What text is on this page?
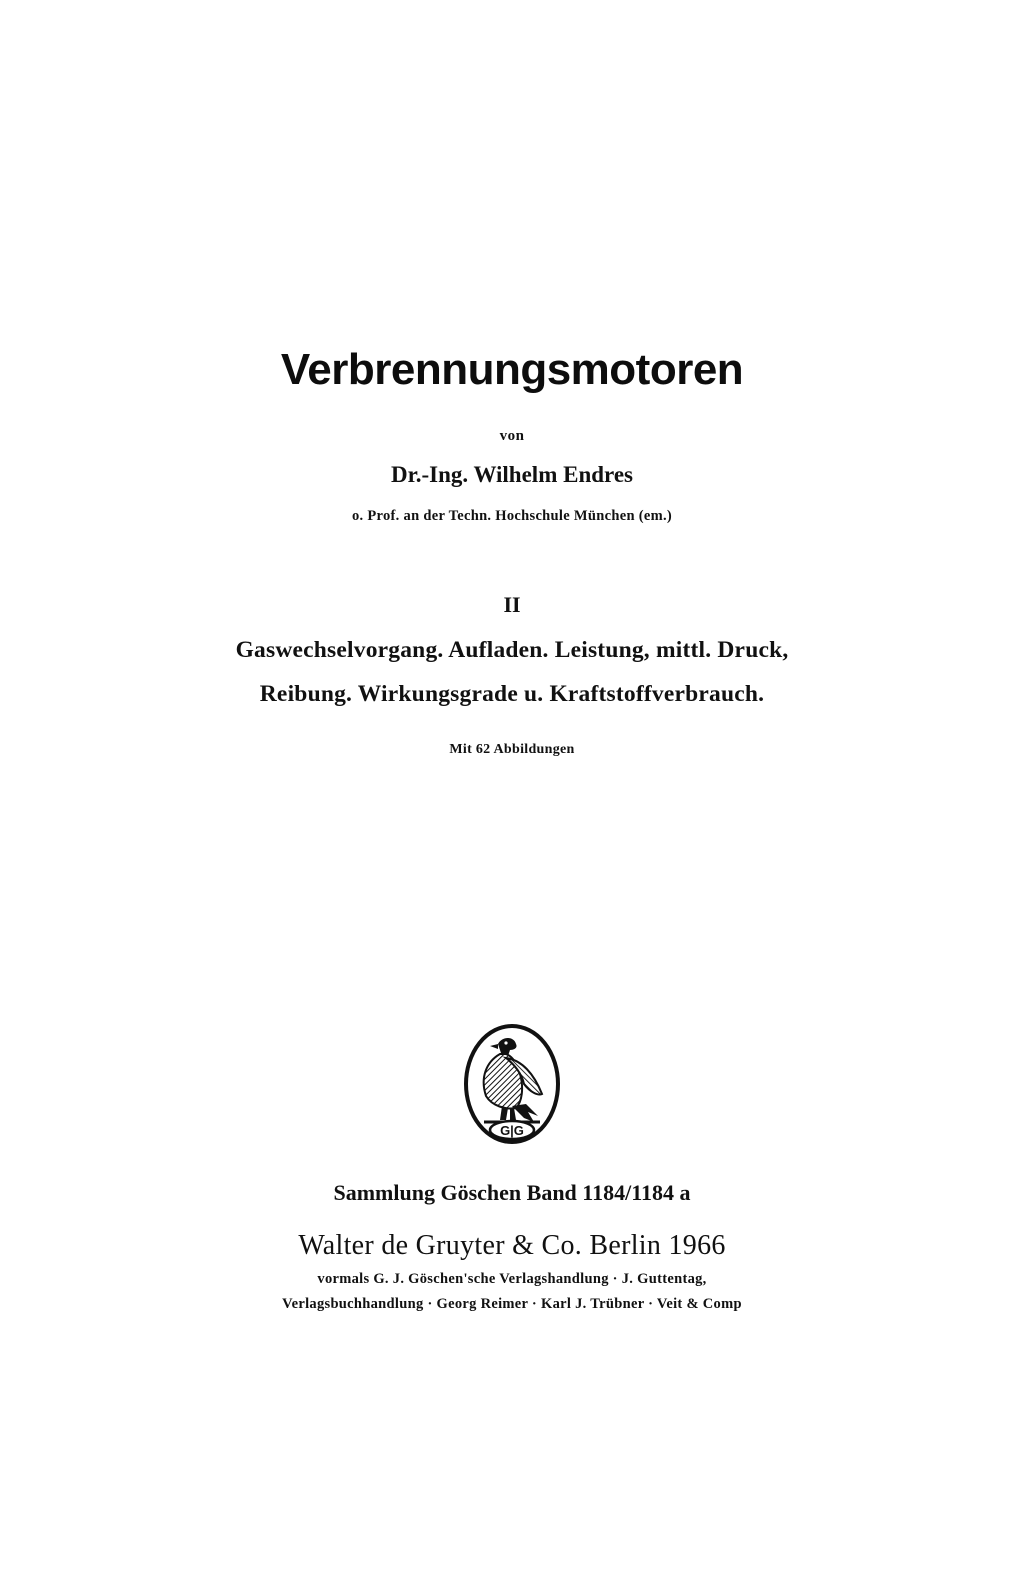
Verbrennungsmotoren
von
Dr.-Ing. Wilhelm Endres
o. Prof. an der Techn. Hochschule München (em.)
II
Gaswechselvorgang. Aufladen. Leistung, mittl. Druck,
Reibung. Wirkungsgrade u. Kraftstoffverbrauch.
Mit 62 Abbildungen
G|G
Sammlung Göschen Band 1184/1184 a
Walter de Gruyter & Co. Berlin 1966
vormals G. J. Göschen'sche Verlagshandlung · J. Guttentag,
Verlagsbuchhandlung · Georg Reimer · Karl J. Trübner · Veit & Comp
